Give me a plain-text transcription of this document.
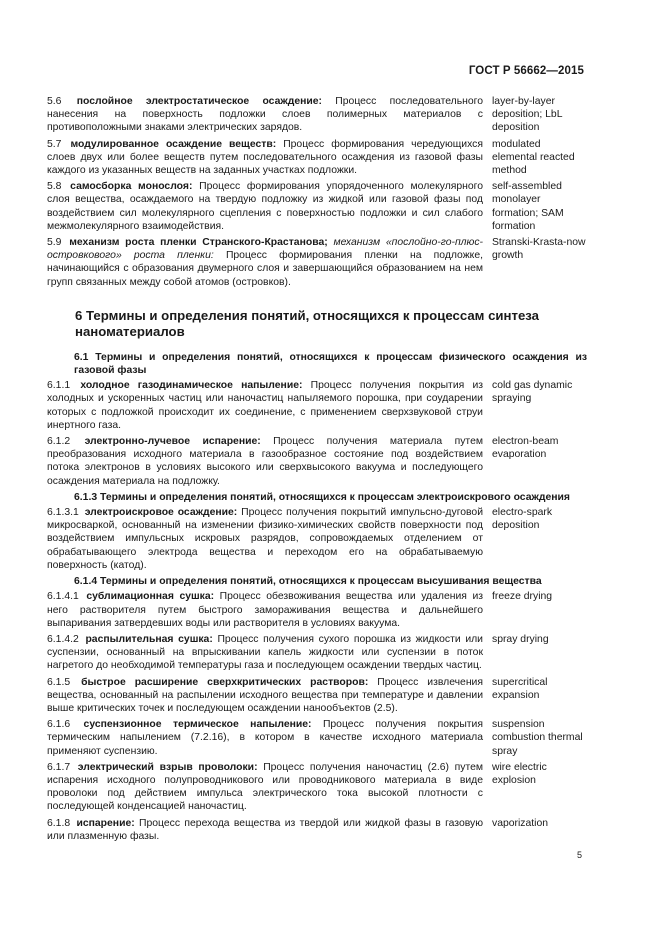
ГОСТ Р 56662—2015
5.6 послойное электростатическое осаждение: Процесс последовательного нанесения на поверхность подложки слоев полимерных материалов с противоположными знаками электрических зарядов.
layer-by-layer deposition; LbL deposition
5.7 модулированное осаждение веществ: Процесс формирования чередующихся слоев двух или более веществ путем последовательного осаждения из газовой фазы каждого из указанных веществ на заданных участках подложки.
modulated elemental reacted method
5.8 самосборка монослоя: Процесс формирования упорядоченного молекулярного слоя вещества, осаждаемого на твердую подложку из жидкой или газовой фазы под воздействием сил молекулярного сцепления с поверхностью подложки и сил слабого межмолекулярного взаимодействия.
self-assembled monolayer formation; SAM formation
5.9 механизм роста пленки Странского-Крастанова; механизм «послойно-го-плюс-островкового» роста пленки: Процесс формирования пленки на подложке, начинающийся с образования двумерного слоя и завершающийся образованием на нем групп связанных между собой атомов (островков).
Stranski-Krasta-now growth
6 Термины и определения понятий, относящихся к процессам синтеза наноматериалов
6.1 Термины и определения понятий, относящихся к процессам физического осаждения из газовой фазы
6.1.1 холодное газодинамическое напыление: Процесс получения покрытия из холодных и ускоренных частиц или наночастиц напыляемого порошка, при соударении которых с подложкой происходит их соединение, с применением сверхзвуковой струи инертного газа.
cold gas dynamic spraying
6.1.2 электронно-лучевое испарение: Процесс получения материала путем преобразования исходного материала в газообразное состояние под воздействием потока электронов в условиях высокого или сверхвысокого вакуума и последующего осаждения материала на подложку.
electron-beam evaporation
6.1.3 Термины и определения понятий, относящихся к процессам электроискрового осаждения
6.1.3.1 электроискровое осаждение: Процесс получения покрытий импульсно-дуговой микросваркой, основанный на изменении физико-химических свойств поверхности под воздействием импульсных искровых разрядов, сопровождаемых отделением от обрабатывающего электрода вещества и переходом его на обрабатываемую поверхность (катод).
electro-spark deposition
6.1.4 Термины и определения понятий, относящихся к процессам высушивания вещества
6.1.4.1 сублимационная сушка: Процесс обезвоживания вещества или удаления из него растворителя путем быстрого замораживания вещества и дальнейшего выпаривания затвердевших воды или растворителя в условиях вакуума.
freeze drying
6.1.4.2 распылительная сушка: Процесс получения сухого порошка из жидкости или суспензии, основанный на впрыскивании капель жидкости или суспензии в поток нагретого до необходимой температуры газа и последующем осаждении твердых частиц.
spray drying
6.1.5 быстрое расширение сверхкритических растворов: Процесс извлечения вещества, основанный на распылении исходного вещества при температуре и давлении выше критических точек и последующем осаждении нанообъектов (2.5).
supercritical expansion
6.1.6 суспензионное термическое напыление: Процесс получения покрытия термическим напылением (7.2.16), в котором в качестве исходного материала применяют суспензию.
suspension combustion thermal spray
6.1.7 электрический взрыв проволоки: Процесс получения наночастиц (2.6) путем испарения исходного полупроводникового или проводникового материала в виде проволоки под действием импульса электрического тока высокой плотности с последующей конденсацией наночастиц.
wire electric explosion
6.1.8 испарение: Процесс перехода вещества из твердой или жидкой фазы в газовую или плазменную фазы.
vaporization
5
